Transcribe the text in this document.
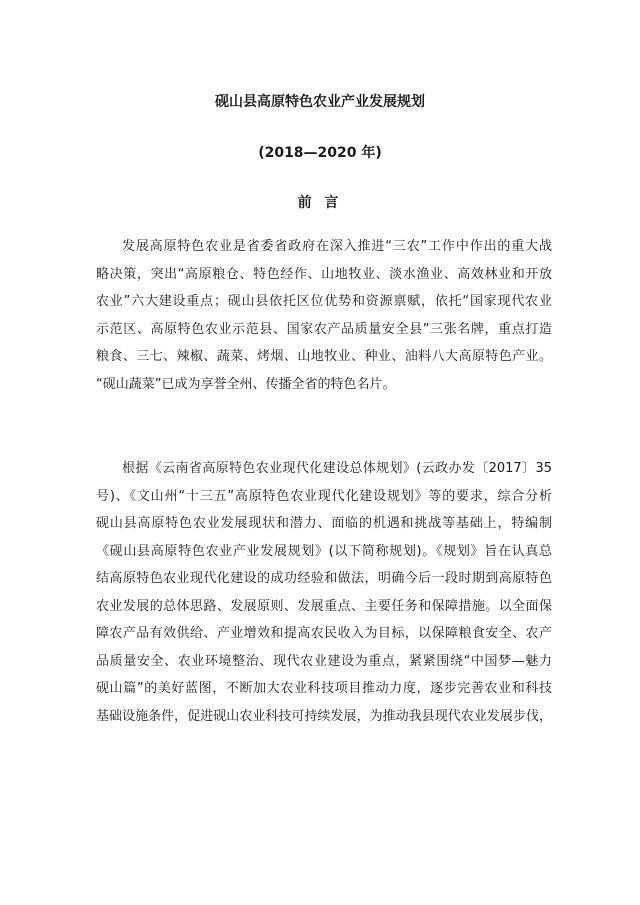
砚山县高原特色农业产业发展规划
(2018—2020 年)
前 言
发展高原特色农业是省委省政府在深入推进“三农”工作中作出的重大战
略决策，突出“高原粮仓、特色经作、山地牧业、淡水渔业、高效林业和开放
农业”六大建设重点；砚山县依托区位优势和资源禀赋，依托“国家现代农业
示范区、高原特色农业示范县、国家农产品质量安全县”三张名牌，重点打造
粮食、三七、辣椒、蔬菜、烤烟、山地牧业、种业、油料八大高原特色产业。
“砚山蔬菜”已成为享誉全州、传播全省的特色名片。
根据《云南省高原特色农业现代化建设总体规划》(云政办发〔2017〕35
号)、《文山州“十三五”高原特色农业现代化建设规划》等的要求，综合分析
砚山县高原特色农业发展现状和潜力、面临的机遇和挑战等基础上，特编制
《砚山县高原特色农业产业发展规划》(以下简称规划)。《规划》旨在认真总
结高原特色农业现代化建设的成功经验和做法，明确今后一段时期到高原特色
农业发展的总体思路、发展原则、发展重点、主要任务和保障措施。以全面保
障农产品有效供给、产业增效和提高农民收入为目标，以保障粮食安全、农产
品质量安全、农业环境整治、现代农业建设为重点，紧紧围绕“中国梦—魅力
砚山篇”的美好蓝图，不断加大农业科技项目推动力度，逐步完善农业和科技
基础设施条件，促进砚山农业科技可持续发展，为推动我县现代农业发展步伐，
